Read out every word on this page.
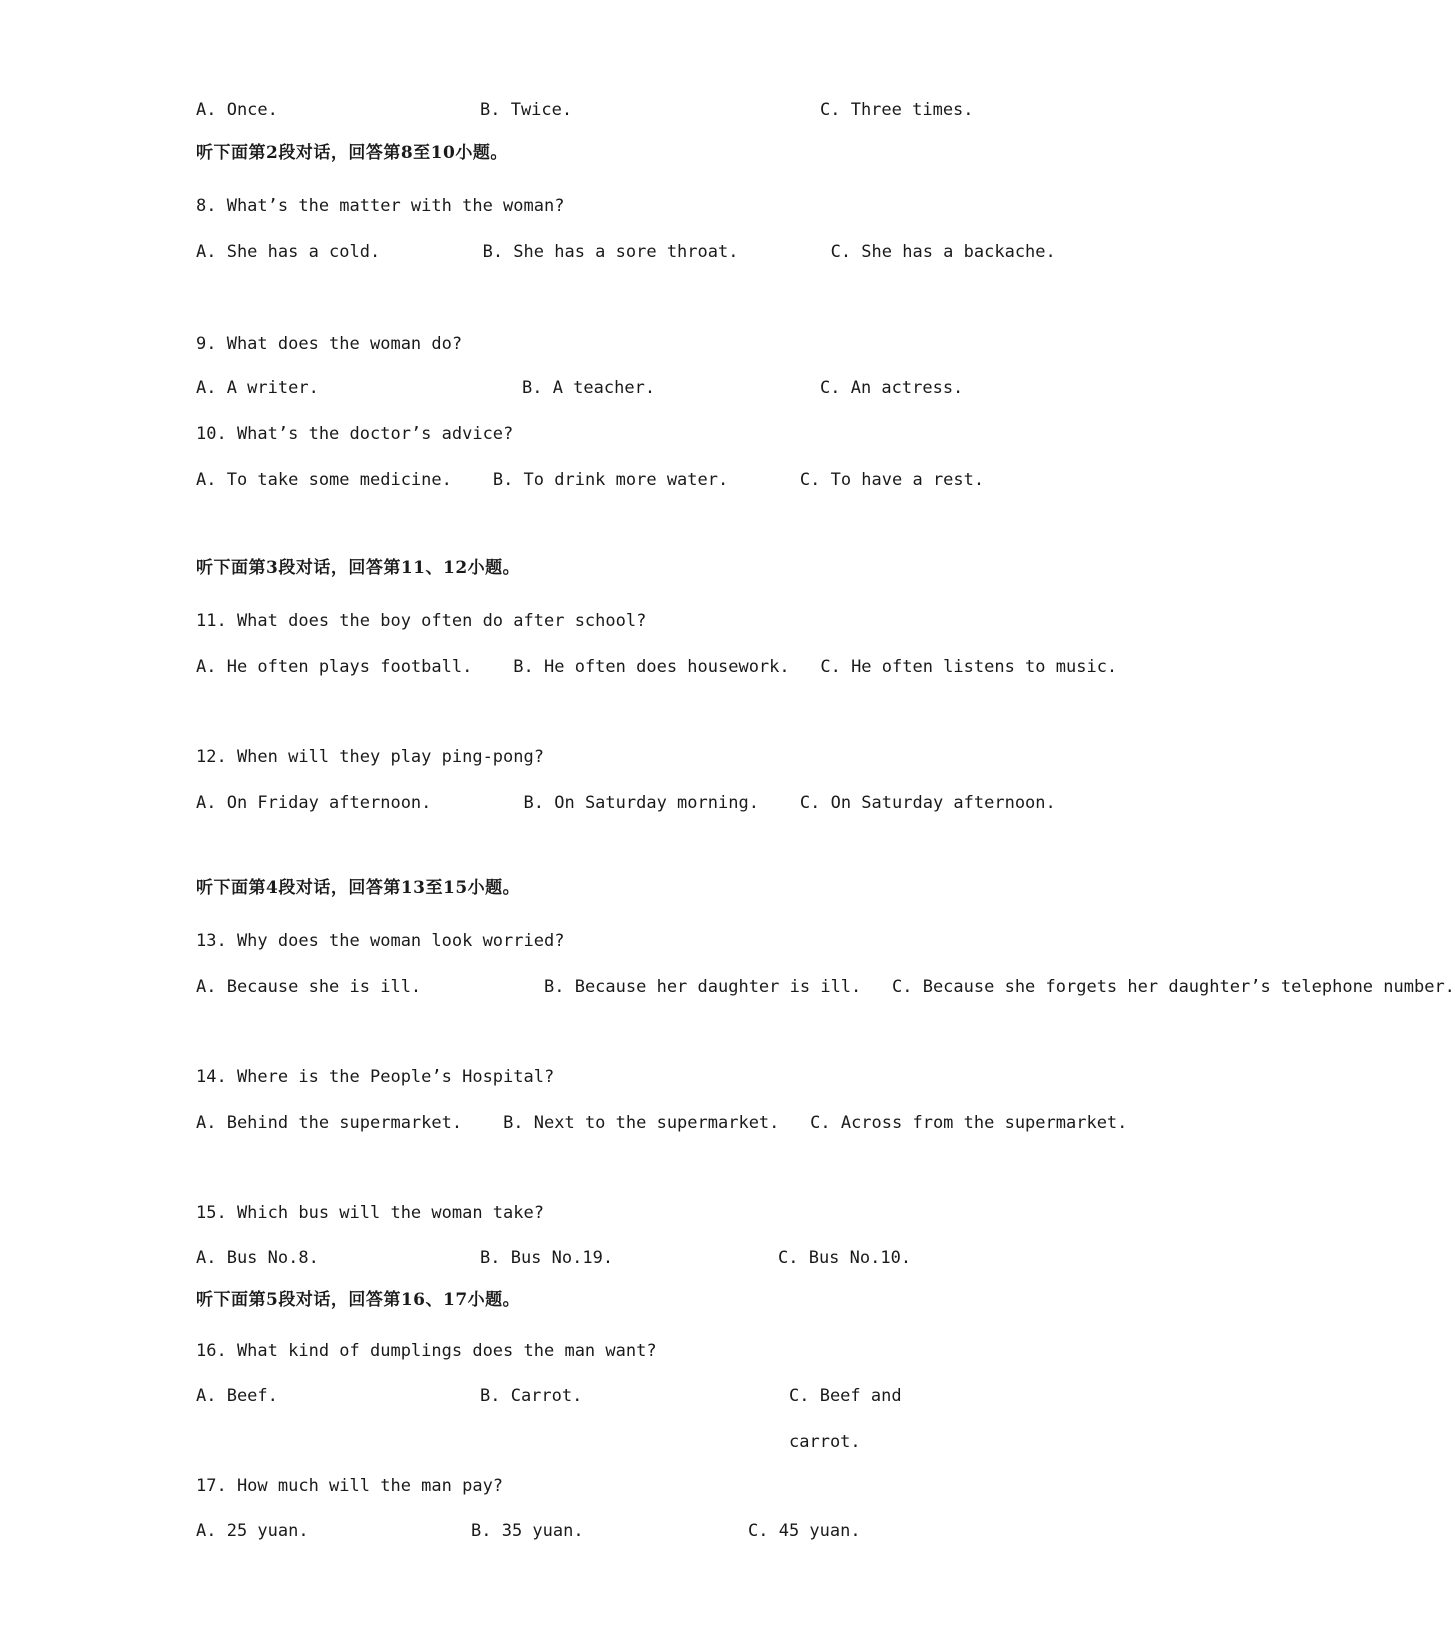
A. Once.	B. Twice.	C. Three times.
听下面第2段对话，回答第8至10小题。
8. What’s the matter with the woman?
A. She has a cold.	B. She has a sore throat.	C. She has a backache.
9. What does the woman do?
A. A writer.	B. A teacher.	C. An actress.
10. What’s the doctor’s advice?
A. To take some medicine. B. To drink more water.	C. To have a rest.
听下面第3段对话，回答第11、12小题。
11. What does the boy often do after school?
A. He often plays football. B. He often does housework. C. He often listens to music.
12. When will they play ping-pong?
A. On Friday afternoon.	B. On Saturday morning. C. On Saturday afternoon.
听下面第4段对话，回答第13至15小题。
13. Why does the woman look worried?
A. Because she is ill.	B. Because her daughter is ill. C. Because she forgets her daughter’s telephone number.
14. Where is the People’s Hospital?
A. Behind the supermarket. B. Next to the supermarket. C. Across from the supermarket.
15. Which bus will the woman take?
A. Bus No.8.	B. Bus No.19.	C. Bus No.10.
听下面第5段对话，回答第16、17小题。
16. What kind of dumplings does the man want?
A. Beef.	B. Carrot.	C. Beef and carrot.
17. How much will the man pay?
A. 25 yuan.	B. 35 yuan.	C. 45 yuan.
